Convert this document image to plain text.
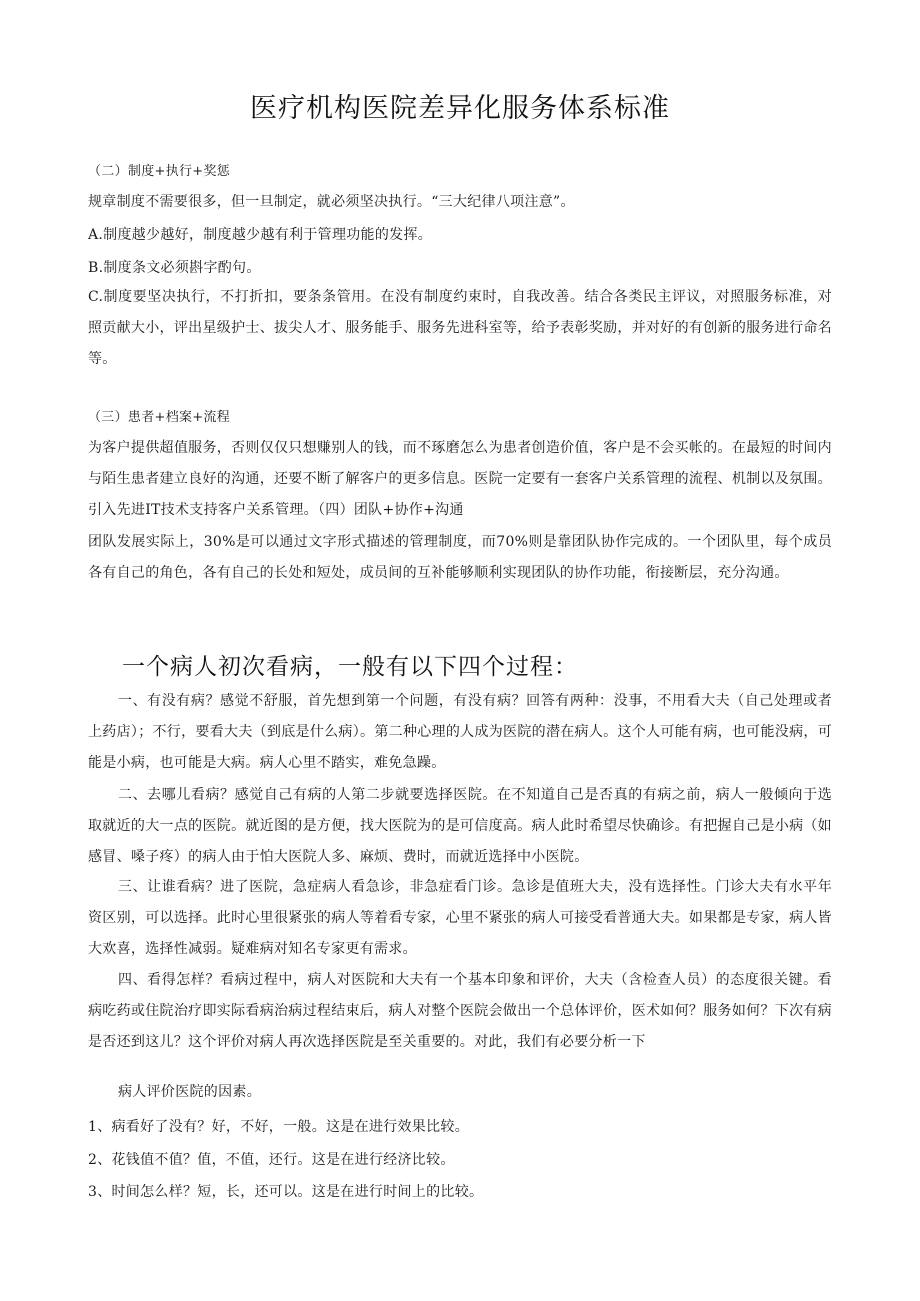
医疗机构医院差异化服务体系标准

（二）制度+执行+奖惩

规章制度不需要很多，但一旦制定，就必须坚决执行。“三大纪律八项注意”。

A.制度越少越好，制度越少越有利于管理功能的发挥。

B.制度条文必须斟字酌句。

C.制度要坚决执行，不打折扣，要条条管用。在没有制度约束时，自我改善。结合各类民主评议，对照服务标准，对照贡献大小，评出星级护士、拔尖人才、服务能手、服务先进科室等，给予表彰奖励，并对好的有创新的服务进行命名等。

（三）患者+档案+流程

为客户提供超值服务，否则仅仅只想赚别人的钱，而不琢磨怎么为患者创造价值，客户是不会买帐的。在最短的时间内与陌生患者建立良好的沟通，还要不断了解客户的更多信息。医院一定要有一套客户关系管理的流程、机制以及氛围。引入先进IT技术支持客户关系管理。（四）团队+协作+沟通

团队发展实际上，30%是可以通过文字形式描述的管理制度，而70%则是靠团队协作完成的。一个团队里，每个成员各有自己的角色，各有自己的长处和短处，成员间的互补能够顺利实现团队的协作功能，衔接断层，充分沟通。

一个病人初次看病，一般有以下四个过程：

一、有没有病？感觉不舒服，首先想到第一个问题，有没有病？回答有两种：没事，不用看大夫（自己处理或者上药店）；不行，要看大夫（到底是什么病）。第二种心理的人成为医院的潜在病人。这个人可能有病，也可能没病，可能是小病，也可能是大病。病人心里不踏实，难免急躁。

二、去哪儿看病？感觉自己有病的人第二步就要选择医院。在不知道自己是否真的有病之前，病人一般倾向于选取就近的大一点的医院。就近图的是方便，找大医院为的是可信度高。病人此时希望尽快确诊。有把握自己是小病（如感冒、嗓子疼）的病人由于怕大医院人多、麻烦、费时，而就近选择中小医院。

三、让谁看病？进了医院，急症病人看急诊，非急症看门诊。急诊是值班大夫，没有选择性。门诊大夫有水平年资区别，可以选择。此时心里很紧张的病人等着看专家，心里不紧张的病人可接受看普通大夫。如果都是专家，病人皆大欢喜，选择性减弱。疑难病对知名专家更有需求。

四、看得怎样？看病过程中，病人对医院和大夫有一个基本印象和评价，大夫（含检查人员）的态度很关键。看病吃药或住院治疗即实际看病治病过程结束后，病人对整个医院会做出一个总体评价，医术如何？服务如何？下次有病是否还到这儿？这个评价对病人再次选择医院是至关重要的。对此，我们有必要分析一下

病人评价医院的因素。

1、病看好了没有？好，不好，一般。这是在进行效果比较。

2、花钱值不值？值，不值，还行。这是在进行经济比较。

3、时间怎么样？短，长，还可以。这是在进行时间上的比较。
